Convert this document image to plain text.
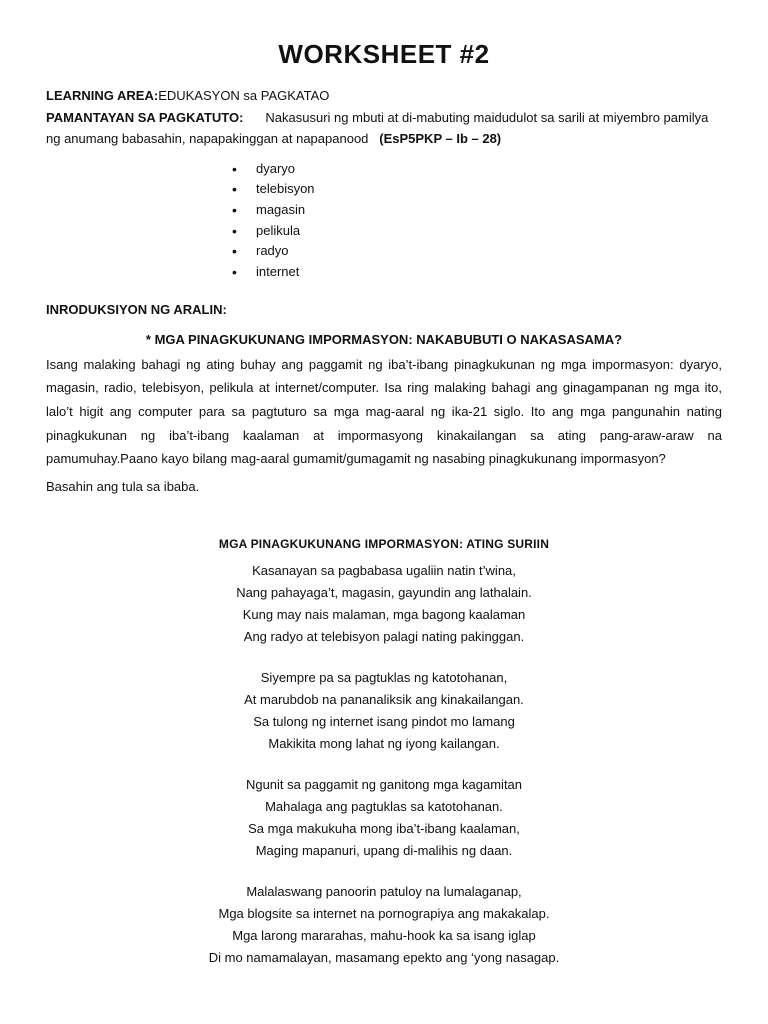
WORKSHEET #2
LEARNING AREA:EDUKASYON sa PAGKATAO
PAMANTAYAN SA PAGKATUTO: Nakasusuri ng mbuti at di-mabuting maidudulot sa sarili at miyembro pamilya ng anumang babasahin, napapakinggan at napapanood (EsP5PKP – Ib – 28)
• dyaryo
• telebisyon
• magasin
• pelikula
• radyo
• internet
INRODUKSIYON NG ARALIN:
* MGA PINAGKUKUNANG IMPORMASYON: NAKABUBUTI O NAKASASAMA?

Isang malaking bahagi ng ating buhay ang paggamit ng iba’t-ibang pinagkukunan ng mga impormasyon: dyaryo, magasin, radio, telebisyon, pelikula at internet/computer. Isa ring malaking bahagi ang ginagampanan ng mga ito, lalo’t higit ang computer para sa pagtuturo sa mga mag-aaral ng ika-21 siglo. Ito ang mga pangunahin nating pinagkukunan ng iba’t-ibang kaalaman at impormasyong kinakailangan sa ating pang-araw-araw na pamumuhay.Paano kayo bilang mag-aaral gumamit/gumagamit ng nasabing pinagkukunang impormasyon?

Basahin ang tula sa ibaba.

MGA PINAGKUKUNANG IMPORMASYON: ATING SURIIN
Kasanayan sa pagbabasa ugaliin natin t’wina,
Nang pahayaga’t, magasin, gayundin ang lathalain.
Kung may nais malaman, mga bagong kaalaman
Ang radyo at telebisyon palagi nating pakinggan.
Siyempre pa sa pagtuklas ng katotohanan,
At marubdob na pananaliksik ang kinakailangan.
Sa tulong ng internet isang pindot mo lamang
Makikita mong lahat ng iyong kailangan.
Ngunit sa paggamit ng ganitong mga kagamitan
Mahalaga ang pagtuklas sa katotohanan.
Sa mga makukuha mong iba’t-ibang kaalaman,
Maging mapanuri, upang di-malihis ng daan.
Malalaswang panoorin patuloy na lumalaganap,
Mga blogsite sa internet na pornograpiya ang makakalap.
Mga larong mararahas, mahu-hook ka sa isang iglap
Di mo namamalayan, masamang epekto ang ‘yong nasagap.
